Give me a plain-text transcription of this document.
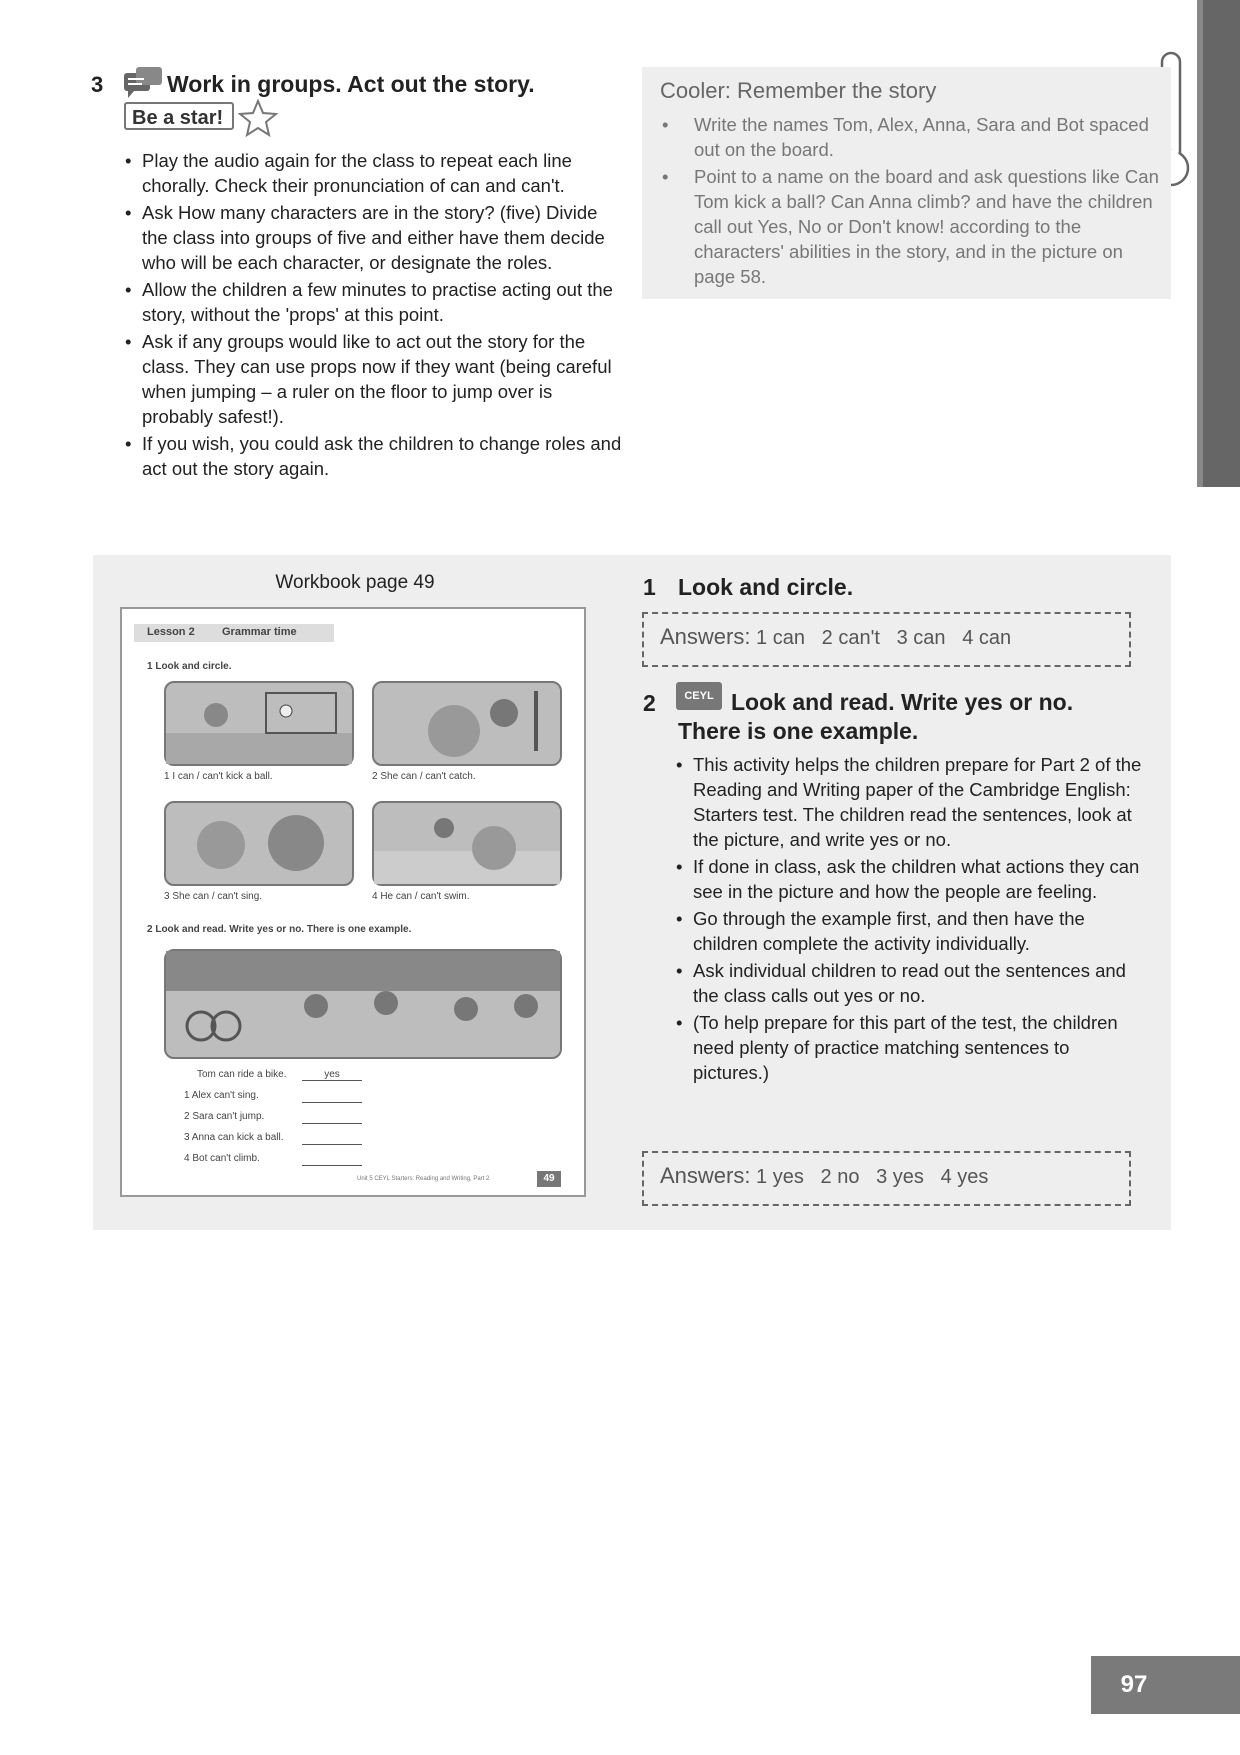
3	Work in groups. Act out the story.
Be a star!
• Play the audio again for the class to repeat each line chorally. Check their pronunciation of can and can't.
• Ask How many characters are in the story? (five) Divide the class into groups of five and either have them decide who will be each character, or designate the roles.
• Allow the children a few minutes to practise acting out the story, without the 'props' at this point.
• Ask if any groups would like to act out the story for the class. They can use props now if they want (being careful when jumping – a ruler on the floor to jump over is probably safest!).
• If you wish, you could ask the children to change roles and act out the story again.
Cooler: Remember the story
• Write the names Tom, Alex, Anna, Sara and Bot spaced out on the board.
• Point to a name on the board and ask questions like Can Tom kick a ball? Can Anna climb? and have the children call out Yes, No or Don't know! according to the characters' abilities in the story, and in the picture on page 58.
Workbook page 49
Lesson 2 Grammar time
1 Look and circle.
1 I can / can't kick a ball.	2 She can / can't catch.
3 She can / can't sing.	4 He can / can't swim.
2 Look and read. Write yes or no. There is one example.
Tom can ride a bike.	yes
1 Alex can't sing.
2 Sara can't jump.
3 Anna can kick a ball.
4 Bot can't climb.
Unit 5 CEYL Starters: Reading and Writing, Part 2	49
1 Look and circle.
Answers: 1 can   2 can't   3 can   4 can
2	CEYL Look and read. Write yes or no.
There is one example.
• This activity helps the children prepare for Part 2 of the Reading and Writing paper of the Cambridge English: Starters test. The children read the sentences, look at the picture, and write yes or no.
• If done in class, ask the children what actions they can see in the picture and how the people are feeling.
• Go through the example first, and then have the children complete the activity individually.
• Ask individual children to read out the sentences and the class calls out yes or no.
• (To help prepare for this part of the test, the children need plenty of practice matching sentences to pictures.)
Answers: 1 yes   2 no   3 yes   4 yes
97
